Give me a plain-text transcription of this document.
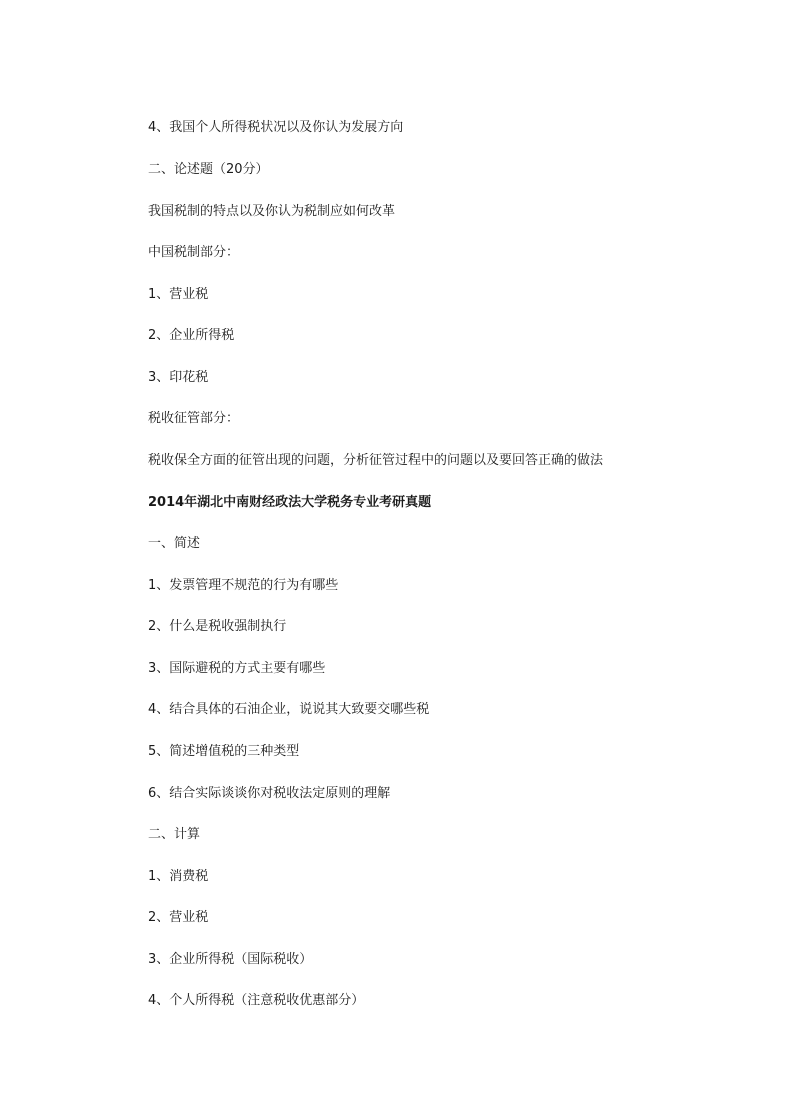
4、我国个人所得税状况以及你认为发展方向
二、论述题（20分）
我国税制的特点以及你认为税制应如何改革
中国税制部分：
1、营业税
2、企业所得税
3、印花税
税收征管部分：
税收保全方面的征管出现的问题，分析征管过程中的问题以及要回答正确的做法
2014年湖北中南财经政法大学税务专业考研真题
一、简述
1、发票管理不规范的行为有哪些
2、什么是税收强制执行
3、国际避税的方式主要有哪些
4、结合具体的石油企业，说说其大致要交哪些税
5、简述增值税的三种类型
6、结合实际谈谈你对税收法定原则的理解
二、计算
1、消费税
2、营业税
3、企业所得税（国际税收）
4、个人所得税（注意税收优惠部分）
